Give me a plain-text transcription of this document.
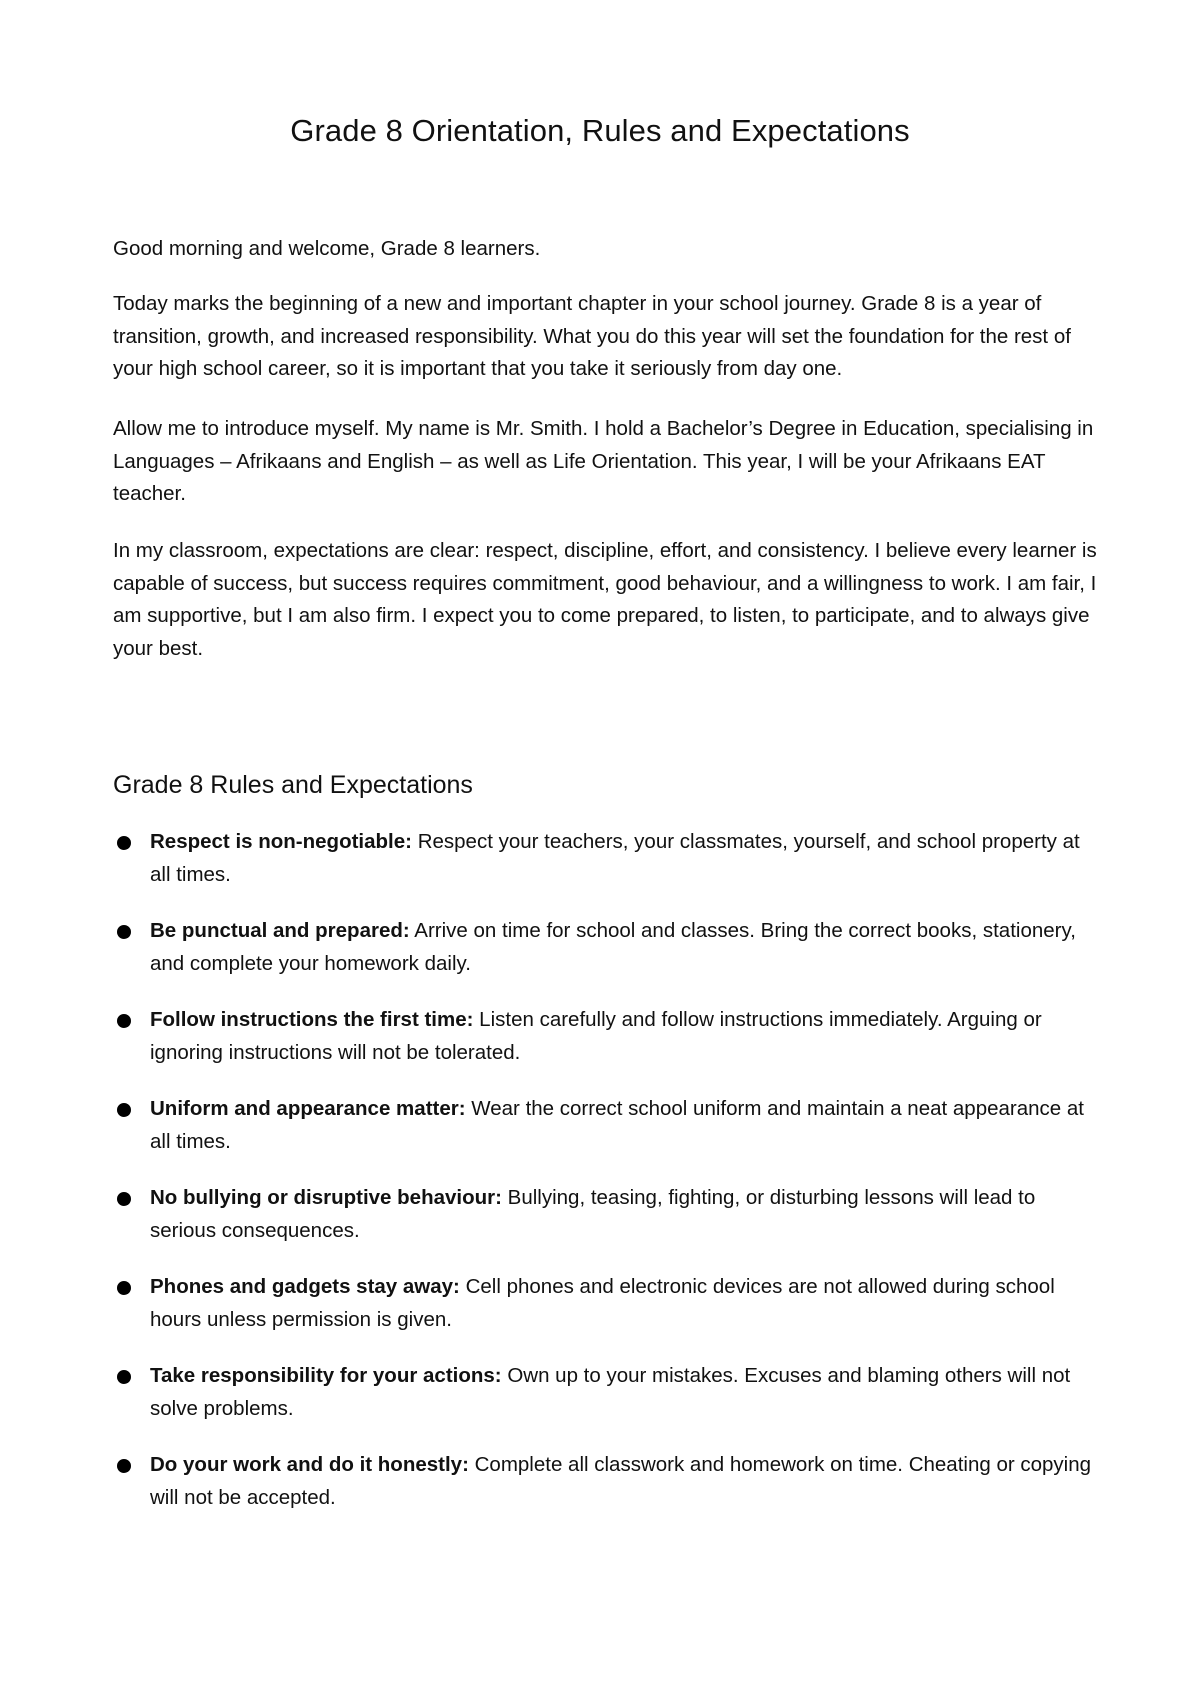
Grade 8 Orientation, Rules and Expectations

Good morning and welcome, Grade 8 learners.

Today marks the beginning of a new and important chapter in your school journey. Grade 8 is a year of transition, growth, and increased responsibility. What you do this year will set the foundation for the rest of your high school career, so it is important that you take it seriously from day one.

Allow me to introduce myself. My name is Mr. Smith. I hold a Bachelor’s Degree in Education, specialising in Languages – Afrikaans and English – as well as Life Orientation. This year, I will be your Afrikaans EAT teacher.

In my classroom, expectations are clear: respect, discipline, effort, and consistency. I believe every learner is capable of success, but success requires commitment, good behaviour, and a willingness to work. I am fair, I am supportive, but I am also firm. I expect you to come prepared, to listen, to participate, and to always give your best.

Grade 8 Rules and Expectations
Respect is non-negotiable: Respect your teachers, your classmates, yourself, and school property at all times.
Be punctual and prepared: Arrive on time for school and classes. Bring the correct books, stationery, and complete your homework daily.
Follow instructions the first time: Listen carefully and follow instructions immediately. Arguing or ignoring instructions will not be tolerated.
Uniform and appearance matter: Wear the correct school uniform and maintain a neat appearance at all times.
No bullying or disruptive behaviour: Bullying, teasing, fighting, or disturbing lessons will lead to serious consequences.
Phones and gadgets stay away: Cell phones and electronic devices are not allowed during school hours unless permission is given.
Take responsibility for your actions: Own up to your mistakes. Excuses and blaming others will not solve problems.
Do your work and do it honestly: Complete all classwork and homework on time. Cheating or copying will not be accepted.
